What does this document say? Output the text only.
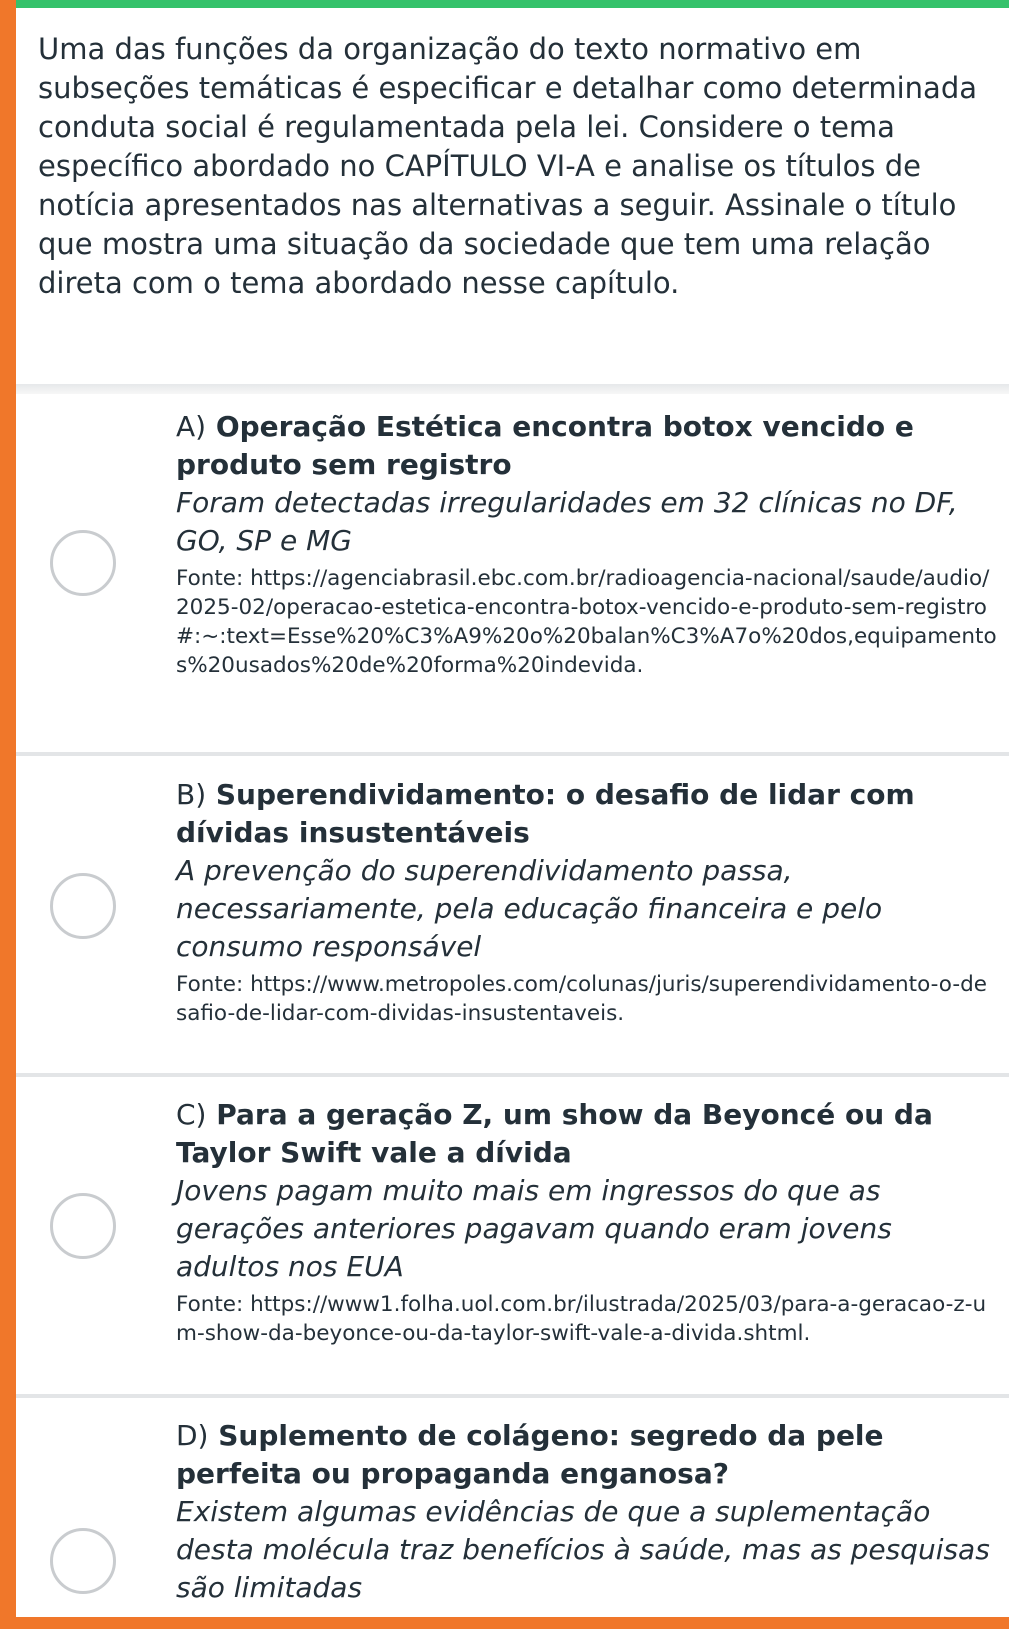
Uma das funções da organização do texto normativo em subseções temáticas é especificar e detalhar como determinada conduta social é regulamentada pela lei. Considere o tema específico abordado no CAPÍTULO VI-A e analise os títulos de notícia apresentados nas alternativas a seguir. Assinale o título que mostra uma situação da sociedade que tem uma relação direta com o tema abordado nesse capítulo.
A) Operação Estética encontra botox vencido e produto sem registro
Foram detectadas irregularidades em 32 clínicas no DF, GO, SP e MG
Fonte: https://agenciabrasil.ebc.com.br/radioagencia-nacional/saude/audio/2025-02/operacao-estetica-encontra-botox-vencido-e-produto-sem-registro#:~:text=Esse%20%C3%A9%20o%20balan%C3%A7o%20dos,equipamentos%20usados%20de%20forma%20indevida.
B) Superendividamento: o desafio de lidar com dívidas insustentáveis
A prevenção do superendividamento passa, necessariamente, pela educação financeira e pelo consumo responsável
Fonte: https://www.metropoles.com/colunas/juris/superendividamento-o-desafio-de-lidar-com-dividas-insustentaveis.
C) Para a geração Z, um show da Beyoncé ou da Taylor Swift vale a dívida
Jovens pagam muito mais em ingressos do que as gerações anteriores pagavam quando eram jovens adultos nos EUA
Fonte: https://www1.folha.uol.com.br/ilustrada/2025/03/para-a-geracao-z-um-show-da-beyonce-ou-da-taylor-swift-vale-a-divida.shtml.
D) Suplemento de colágeno: segredo da pele perfeita ou propaganda enganosa?
Existem algumas evidências de que a suplementação desta molécula traz benefícios à saúde, mas as pesquisas são limitadas
